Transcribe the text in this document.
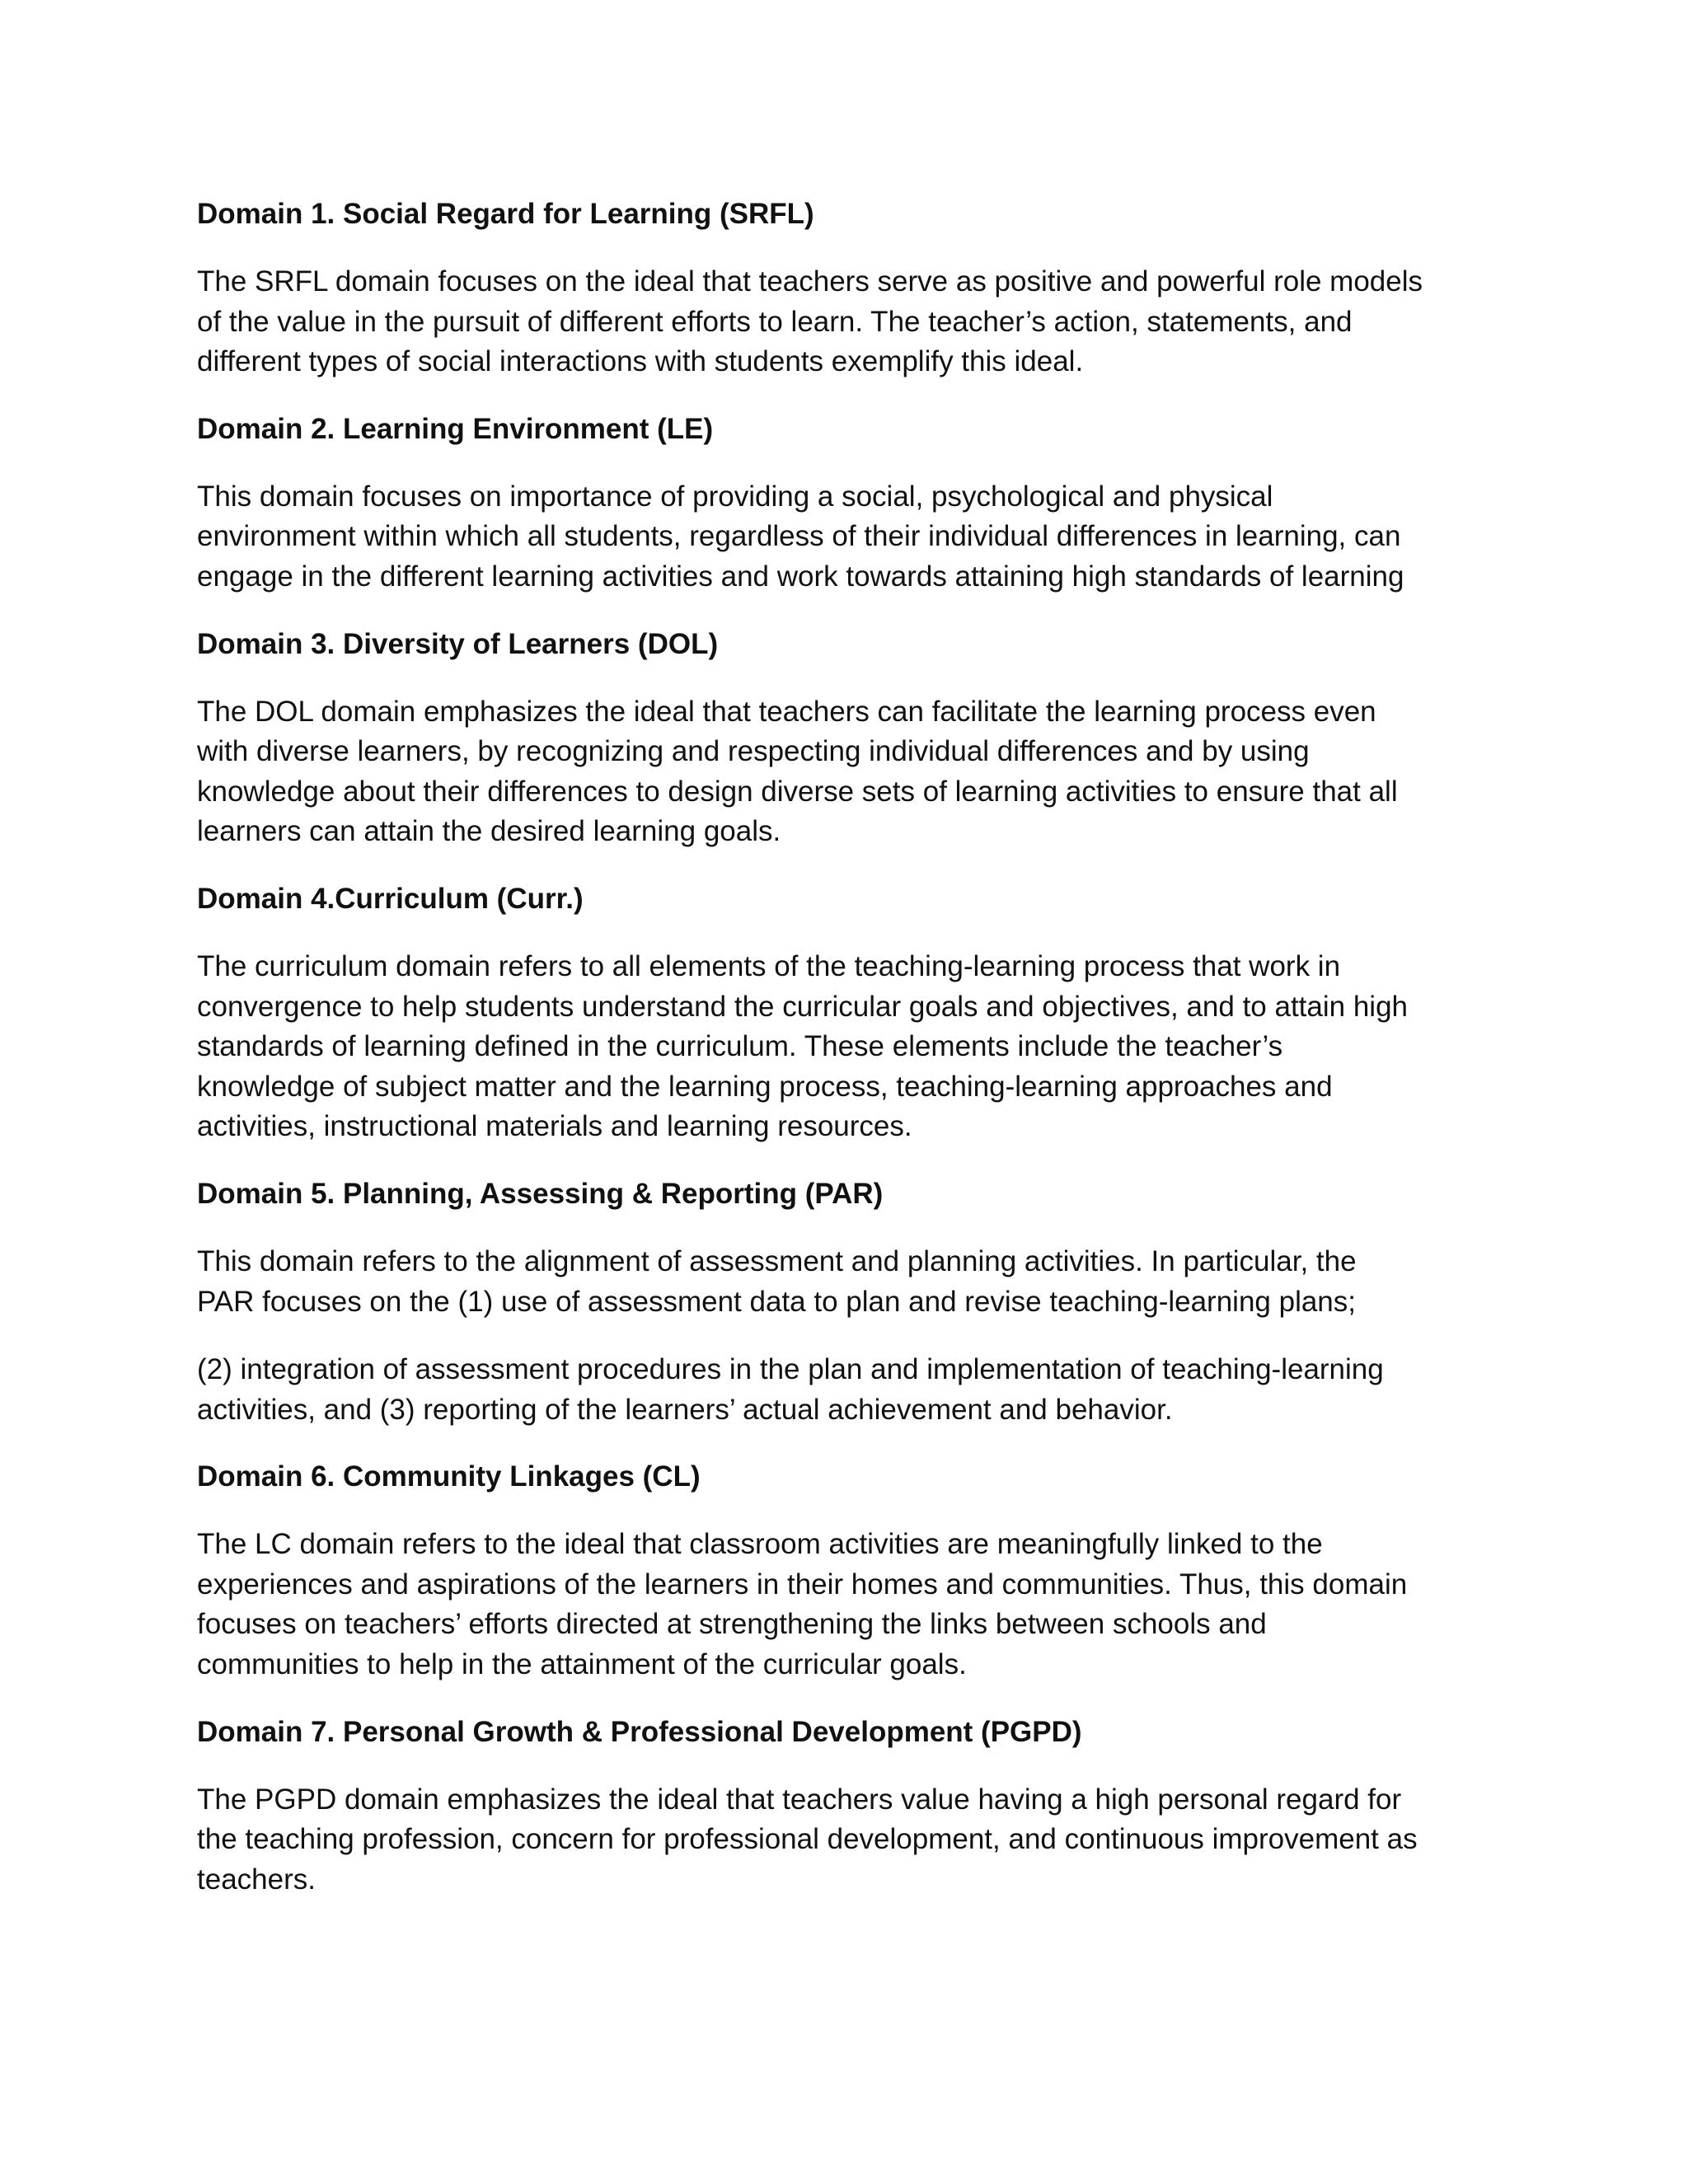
Domain 1. Social Regard for Learning (SRFL)

The SRFL domain focuses on the ideal that teachers serve as positive and powerful role models
of the value in the pursuit of different efforts to learn. The teacher’s action, statements, and
different types of social interactions with students exemplify this ideal.

Domain 2. Learning Environment (LE)

This domain focuses on importance of providing a social, psychological and physical
environment within which all students, regardless of their individual differences in learning, can
engage in the different learning activities and work towards attaining high standards of learning

Domain 3. Diversity of Learners (DOL)

The DOL domain emphasizes the ideal that teachers can facilitate the learning process even
with diverse learners, by recognizing and respecting individual differences and by using
knowledge about their differences to design diverse sets of learning activities to ensure that all
learners can attain the desired learning goals.

Domain 4.Curriculum (Curr.)

The curriculum domain refers to all elements of the teaching-learning process that work in
convergence to help students understand the curricular goals and objectives, and to attain high
standards of learning defined in the curriculum. These elements include the teacher’s
knowledge of subject matter and the learning process, teaching-learning approaches and
activities, instructional materials and learning resources.

Domain 5. Planning, Assessing & Reporting (PAR)

This domain refers to the alignment of assessment and planning activities. In particular, the
PAR focuses on the (1) use of assessment data to plan and revise teaching-learning plans;

(2) integration of assessment procedures in the plan and implementation of teaching-learning
activities, and (3) reporting of the learners’ actual achievement and behavior.

Domain 6. Community Linkages (CL)

The LC domain refers to the ideal that classroom activities are meaningfully linked to the
experiences and aspirations of the learners in their homes and communities. Thus, this domain
focuses on teachers’ efforts directed at strengthening the links between schools and
communities to help in the attainment of the curricular goals.

Domain 7. Personal Growth & Professional Development (PGPD)

The PGPD domain emphasizes the ideal that teachers value having a high personal regard for
the teaching profession, concern for professional development, and continuous improvement as
teachers.
